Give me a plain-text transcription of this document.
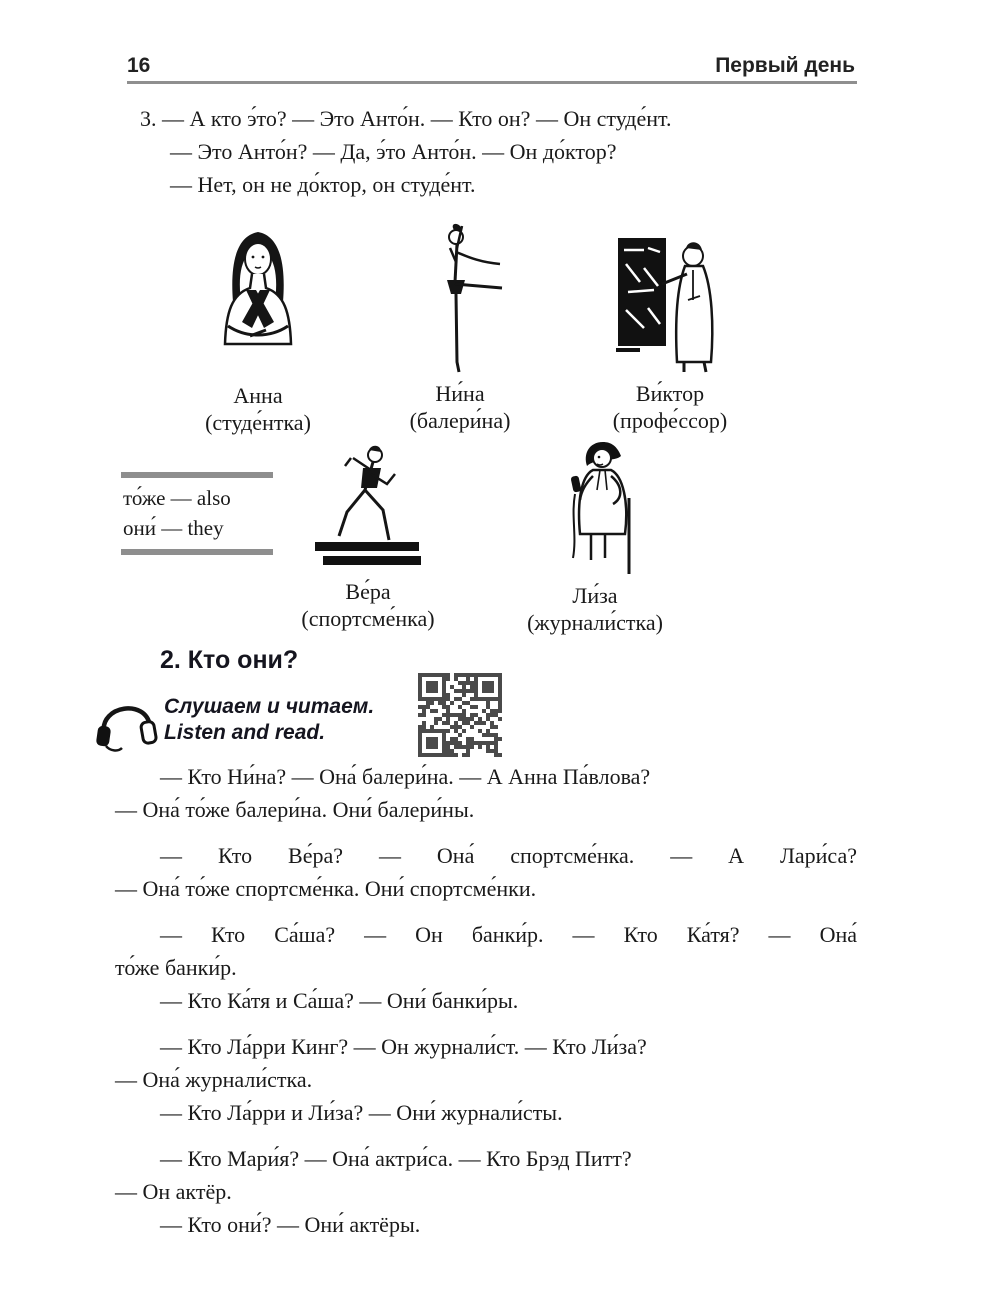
16	Первый день
3. — А кто э́то? — Это Анто́н. — Кто он? — Он студе́нт.
— Это Анто́н? — Да, э́то Анто́н. — Он до́ктор?
— Нет, он не до́ктор, он студе́нт.
Анна
(студе́нтка)
Ни́на
(балери́на)
Ви́ктор
(профе́ссор)
то́же — also
они́ — they
Ве́ра
(спортсме́нка)
Ли́за
(журнали́стка)
2. Кто они?
Слушаем и читаем.
Listen and read.
— Кто Ни́на? — Она́ балери́на. — А Анна Па́влова?
— Она́ то́же балери́на. Они́ балери́ны.
— Кто Ве́ра? — Она́ спортсме́нка. — А Лари́са?
— Она́ то́же спортсме́нка. Они́ спортсме́нки.
— Кто Са́ша? — Он банки́р. — Кто Ка́тя? — Она́
то́же банки́р.
— Кто Ка́тя и Са́ша? — Они́ банки́ры.
— Кто Ла́рри Кинг? — Он журнали́ст. — Кто Ли́за?
— Она́ журнали́стка.
— Кто Ла́рри и Ли́за? — Они́ журнали́сты.
— Кто Мари́я? — Она́ актри́са. — Кто Брэд Питт?
— Он актёр.
— Кто они́? — Они́ актёры.
